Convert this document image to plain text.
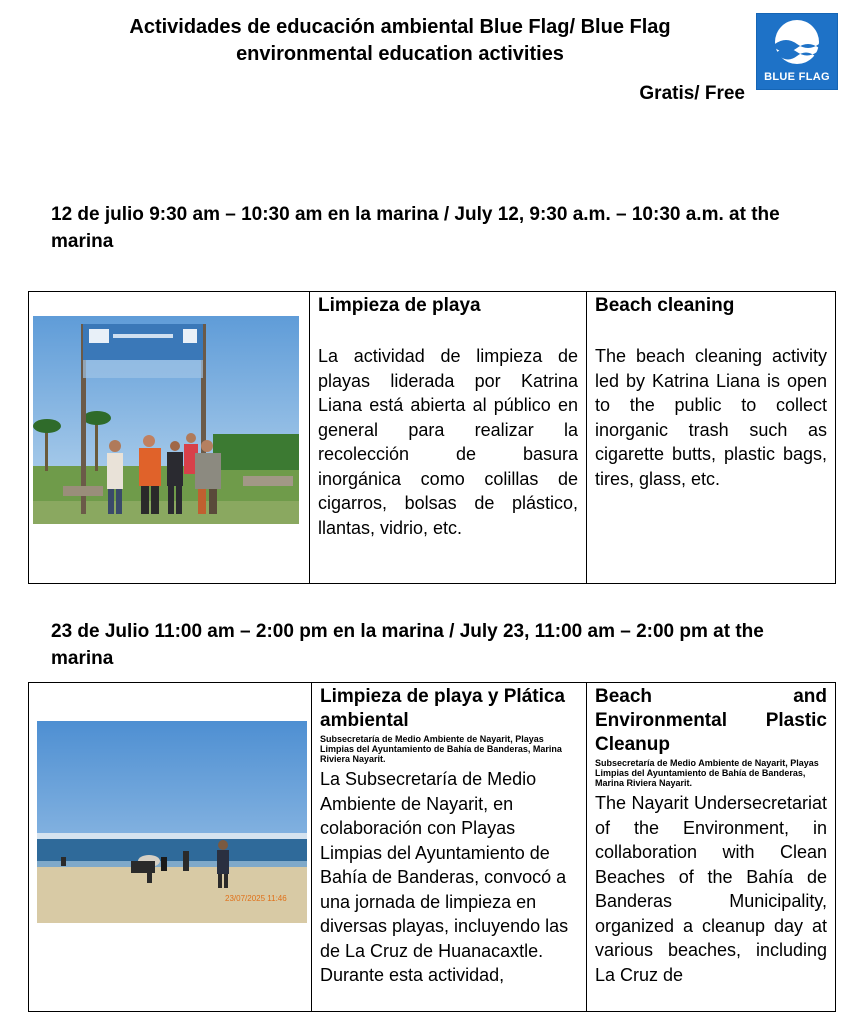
Actividades de educación ambiental Blue Flag/ Blue Flag environmental education activities
BLUE FLAG
Gratis/ Free
12 de julio 9:30 am – 10:30 am en la marina / July 12, 9:30 a.m. – 10:30 a.m. at the marina

Limpieza de playa
La actividad de limpieza de playas liderada por Katrina Liana está abierta al público en general para realizar la recolección de basura inorgánica como colillas de cigarros, bolsas de plástico, llantas, vidrio, etc.

Beach cleaning
The beach cleaning activity led by Katrina Liana is open to the public to collect inorganic trash such as cigarette butts, plastic bags, tires, glass, etc.
23 de Julio 11:00 am – 2:00 pm en la marina / July 23, 11:00 am – 2:00 pm at the marina
23/07/2025 11:46

Limpieza de playa y Plática ambiental
Subsecretaría de Medio Ambiente de Nayarit, Playas Limpias del Ayuntamiento de Bahía de Banderas, Marina Riviera Nayarit.
La Subsecretaría de Medio Ambiente de Nayarit, en colaboración con Playas Limpias del Ayuntamiento de Bahía de Banderas, convocó a una jornada de limpieza en diversas playas, incluyendo las de La Cruz de Huanacaxtle. Durante esta actividad,

Beach and Environmental Plastic Cleanup
Subsecretaría de Medio Ambiente de Nayarit, Playas Limpias del Ayuntamiento de Bahía de Banderas, Marina Riviera Nayarit.
The Nayarit Undersecretariat of the Environment, in collaboration with Clean Beaches of the Bahía de Banderas Municipality, organized a cleanup day at various beaches, including La Cruz de
